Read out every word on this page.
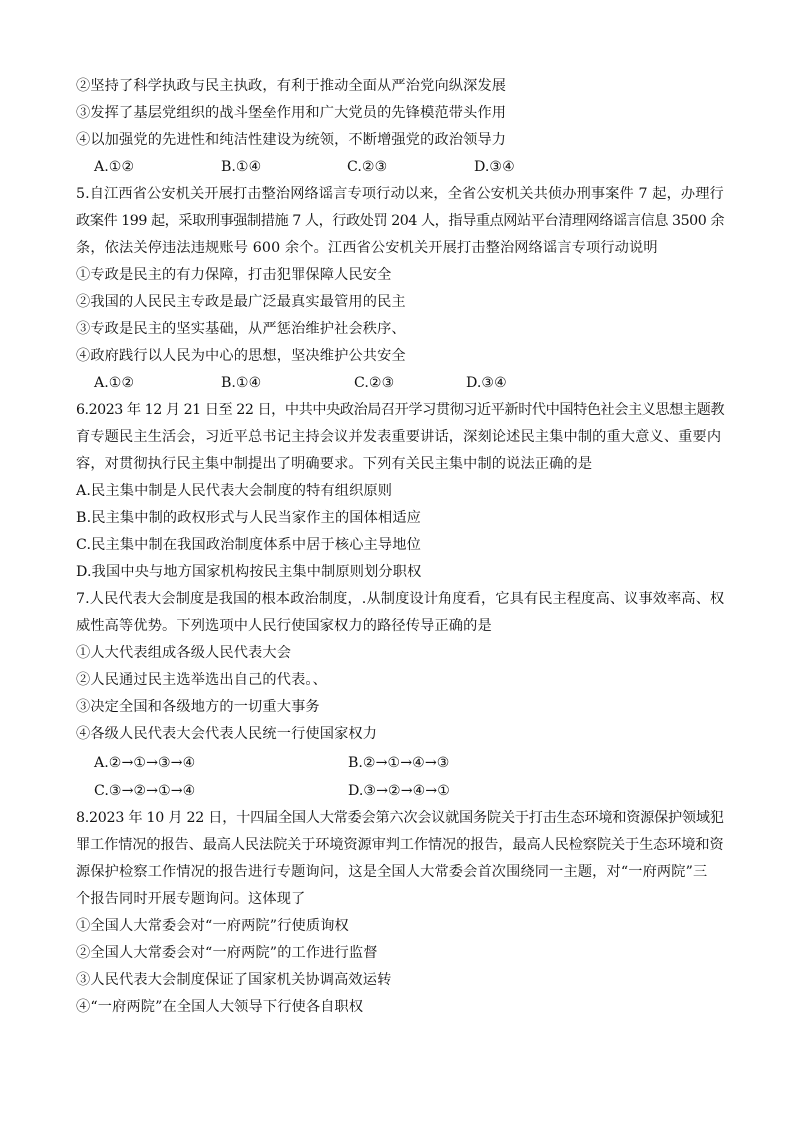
②坚持了科学执政与民主执政，有利于推动全面从严治党向纵深发展
③发挥了基层党组织的战斗堡垒作用和广大党员的先锋模范带头作用
④以加强党的先进性和纯洁性建设为统领，不断增强党的政治领导力
A.①②	B.①④	C.②③	D.③④
5.自江西省公安机关开展打击整治网络谣言专项行动以来，全省公安机关共侦办刑事案件 7 起，办理行
政案件 199 起，采取刑事强制措施 7 人，行政处罚 204 人，指导重点网站平台清理网络谣言信息 3500 余
条，依法关停违法违规账号 600 余个。江西省公安机关开展打击整治网络谣言专项行动说明
①专政是民主的有力保障，打击犯罪保障人民安全
②我国的人民民主专政是最广泛最真实最管用的民主
③专政是民主的坚实基础，从严惩治维护社会秩序、
④政府践行以人民为中心的思想，坚决维护公共安全
A.①②	B.①④	C.②③	D.③④
6.2023 年 12 月 21 日至 22 日，中共中央政治局召开学习贯彻习近平新时代中国特色社会主义思想主题教
育专题民主生活会，习近平总书记主持会议并发表重要讲话，深刻论述民主集中制的重大意义、重要内
容，对贯彻执行民主集中制提出了明确要求。下列有关民主集中制的说法正确的是
A.民主集中制是人民代表大会制度的特有组织原则
B.民主集中制的政权形式与人民当家作主的国体相适应
C.民主集中制在我国政治制度体系中居于核心主导地位
D.我国中央与地方国家机构按民主集中制原则划分职权
7.人民代表大会制度是我国的根本政治制度，.从制度设计角度看，它具有民主程度高、议事效率高、权
威性高等优势。下列选项中人民行使国家权力的路径传导正确的是
①人大代表组成各级人民代表大会
②人民通过民主选举选出自己的代表。、
③决定全国和各级地方的一切重大事务
④各级人民代表大会代表人民统一行使国家权力
A.②→①→③→④	B.②→①→④→③
C.③→②→①→④	D.③→②→④→①
8.2023 年 10 月 22 日，十四届全国人大常委会第六次会议就国务院关于打击生态环境和资源保护领域犯
罪工作情况的报告、最高人民法院关于环境资源审判工作情况的报告，最高人民检察院关于生态环境和资
源保护检察工作情况的报告进行专题询问，这是全国人大常委会首次围绕同一主题，对“一府两院”三
个报告同时开展专题询问。这体现了
①全国人大常委会对“一府两院”行使质询权
②全国人大常委会对“一府两院”的工作进行监督
③人民代表大会制度保证了国家机关协调高效运转
④“一府两院”在全国人大领导下行使各自职权
